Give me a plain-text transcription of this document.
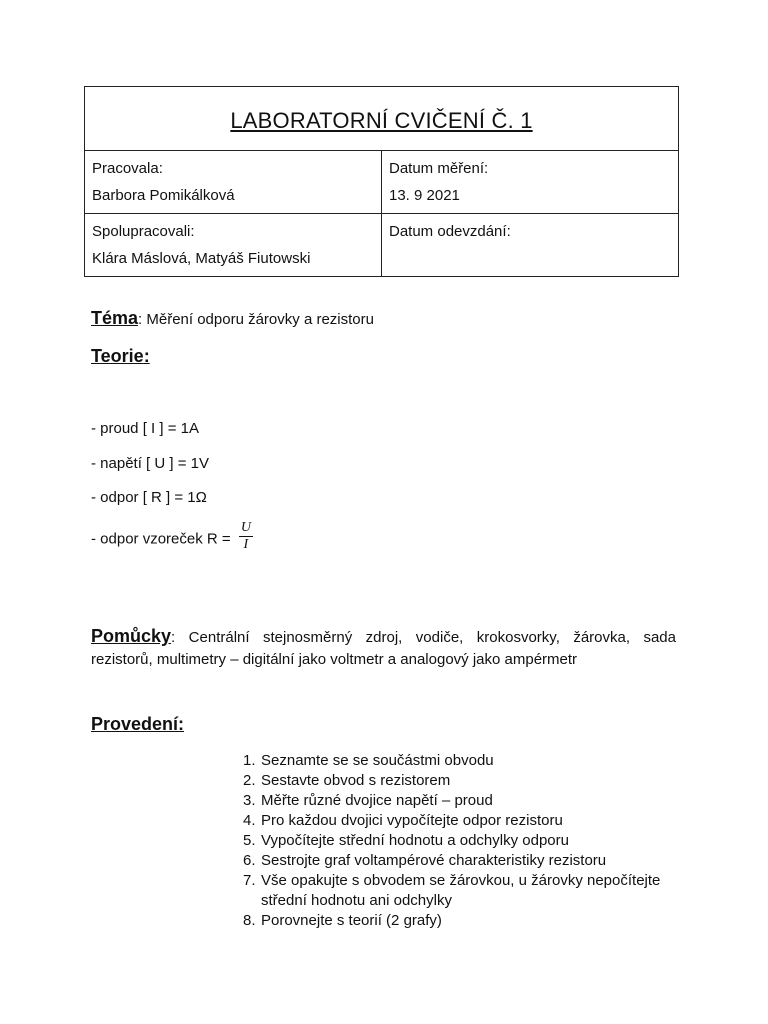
LABORATORNÍ CVIČENÍ Č. 1
Pracovala:
Barbora Pomikálková
Datum měření:
13. 9 2021
Spolupracovali:
Klára Máslová, Matyáš Fiutowski
Datum odevzdání:
Téma: Měření odporu žárovky a rezistoru
Teorie:
- proud [ I ] = 1A
- napětí [ U ] = 1V
- odpor [ R ] = 1Ω
- odpor vzoreček $R = \frac{U}{I}$
Pomůcky: Centrální stejnosměrný zdroj, vodiče, krokosvorky, žárovka, sada rezistorů, multimetry – digitální jako voltmetr a analogový jako ampérmetr
Provedení:
1. Seznamte se se součástmi obvodu
2. Sestavte obvod s rezistorem
3. Měřte různé dvojice napětí – proud
4. Pro každou dvojici vypočítejte odpor rezistoru
5. Vypočítejte střední hodnotu a odchylky odporu
6. Sestrojte graf voltampérové charakteristiky rezistoru
7. Vše opakujte s obvodem se žárovkou, u žárovky nepočítejte střední hodnotu ani odchylky
8. Porovnejte s teorií (2 grafy)
